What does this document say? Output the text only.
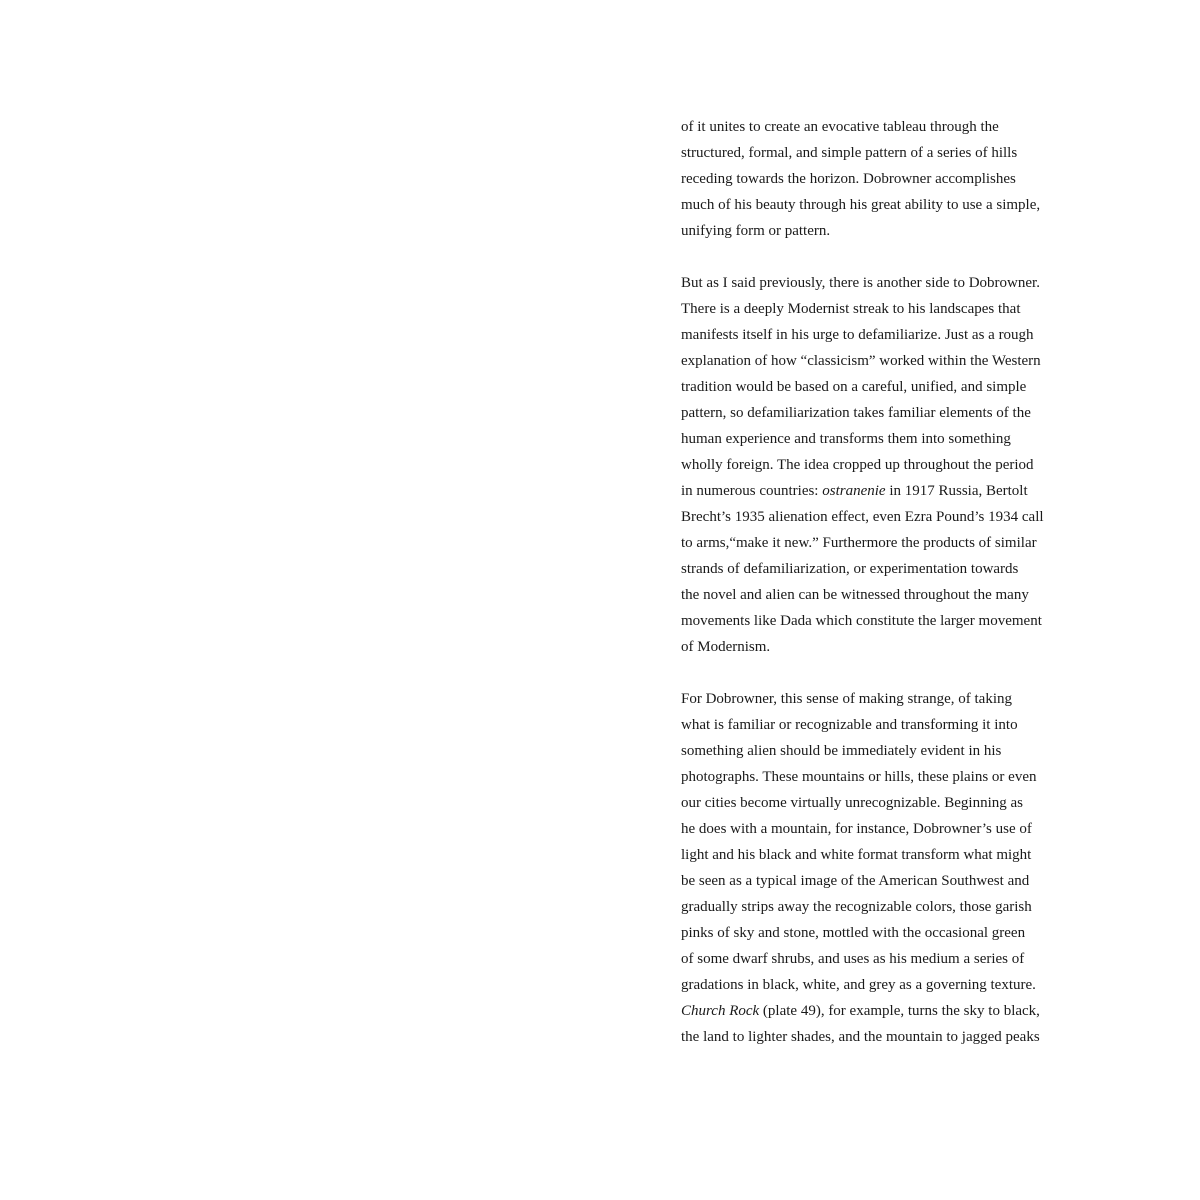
of it unites to create an evocative tableau through the
structured, formal, and simple pattern of a series of hills
receding towards the horizon. Dobrowner accomplishes
much of his beauty through his great ability to use a simple,
unifying form or pattern.

But as I said previously, there is another side to Dobrowner.
There is a deeply Modernist streak to his landscapes that
manifests itself in his urge to defamiliarize. Just as a rough
explanation of how “classicism” worked within the Western
tradition would be based on a careful, unified, and simple
pattern, so defamiliarization takes familiar elements of the
human experience and transforms them into something
wholly foreign. The idea cropped up throughout the period
in numerous countries: ostranenie in 1917 Russia, Bertolt
Brecht’s 1935 alienation effect, even Ezra Pound’s 1934 call
to arms,“make it new.” Furthermore the products of similar
strands of defamiliarization, or experimentation towards
the novel and alien can be witnessed throughout the many
movements like Dada which constitute the larger movement
of Modernism.

For Dobrowner, this sense of making strange, of taking
what is familiar or recognizable and transforming it into
something alien should be immediately evident in his
photographs. These mountains or hills, these plains or even
our cities become virtually unrecognizable. Beginning as
he does with a mountain, for instance, Dobrowner’s use of
light and his black and white format transform what might
be seen as a typical image of the American Southwest and
gradually strips away the recognizable colors, those garish
pinks of sky and stone, mottled with the occasional green
of some dwarf shrubs, and uses as his medium a series of
gradations in black, white, and grey as a governing texture.
Church Rock (plate 49), for example, turns the sky to black,
the land to lighter shades, and the mountain to jagged peaks
